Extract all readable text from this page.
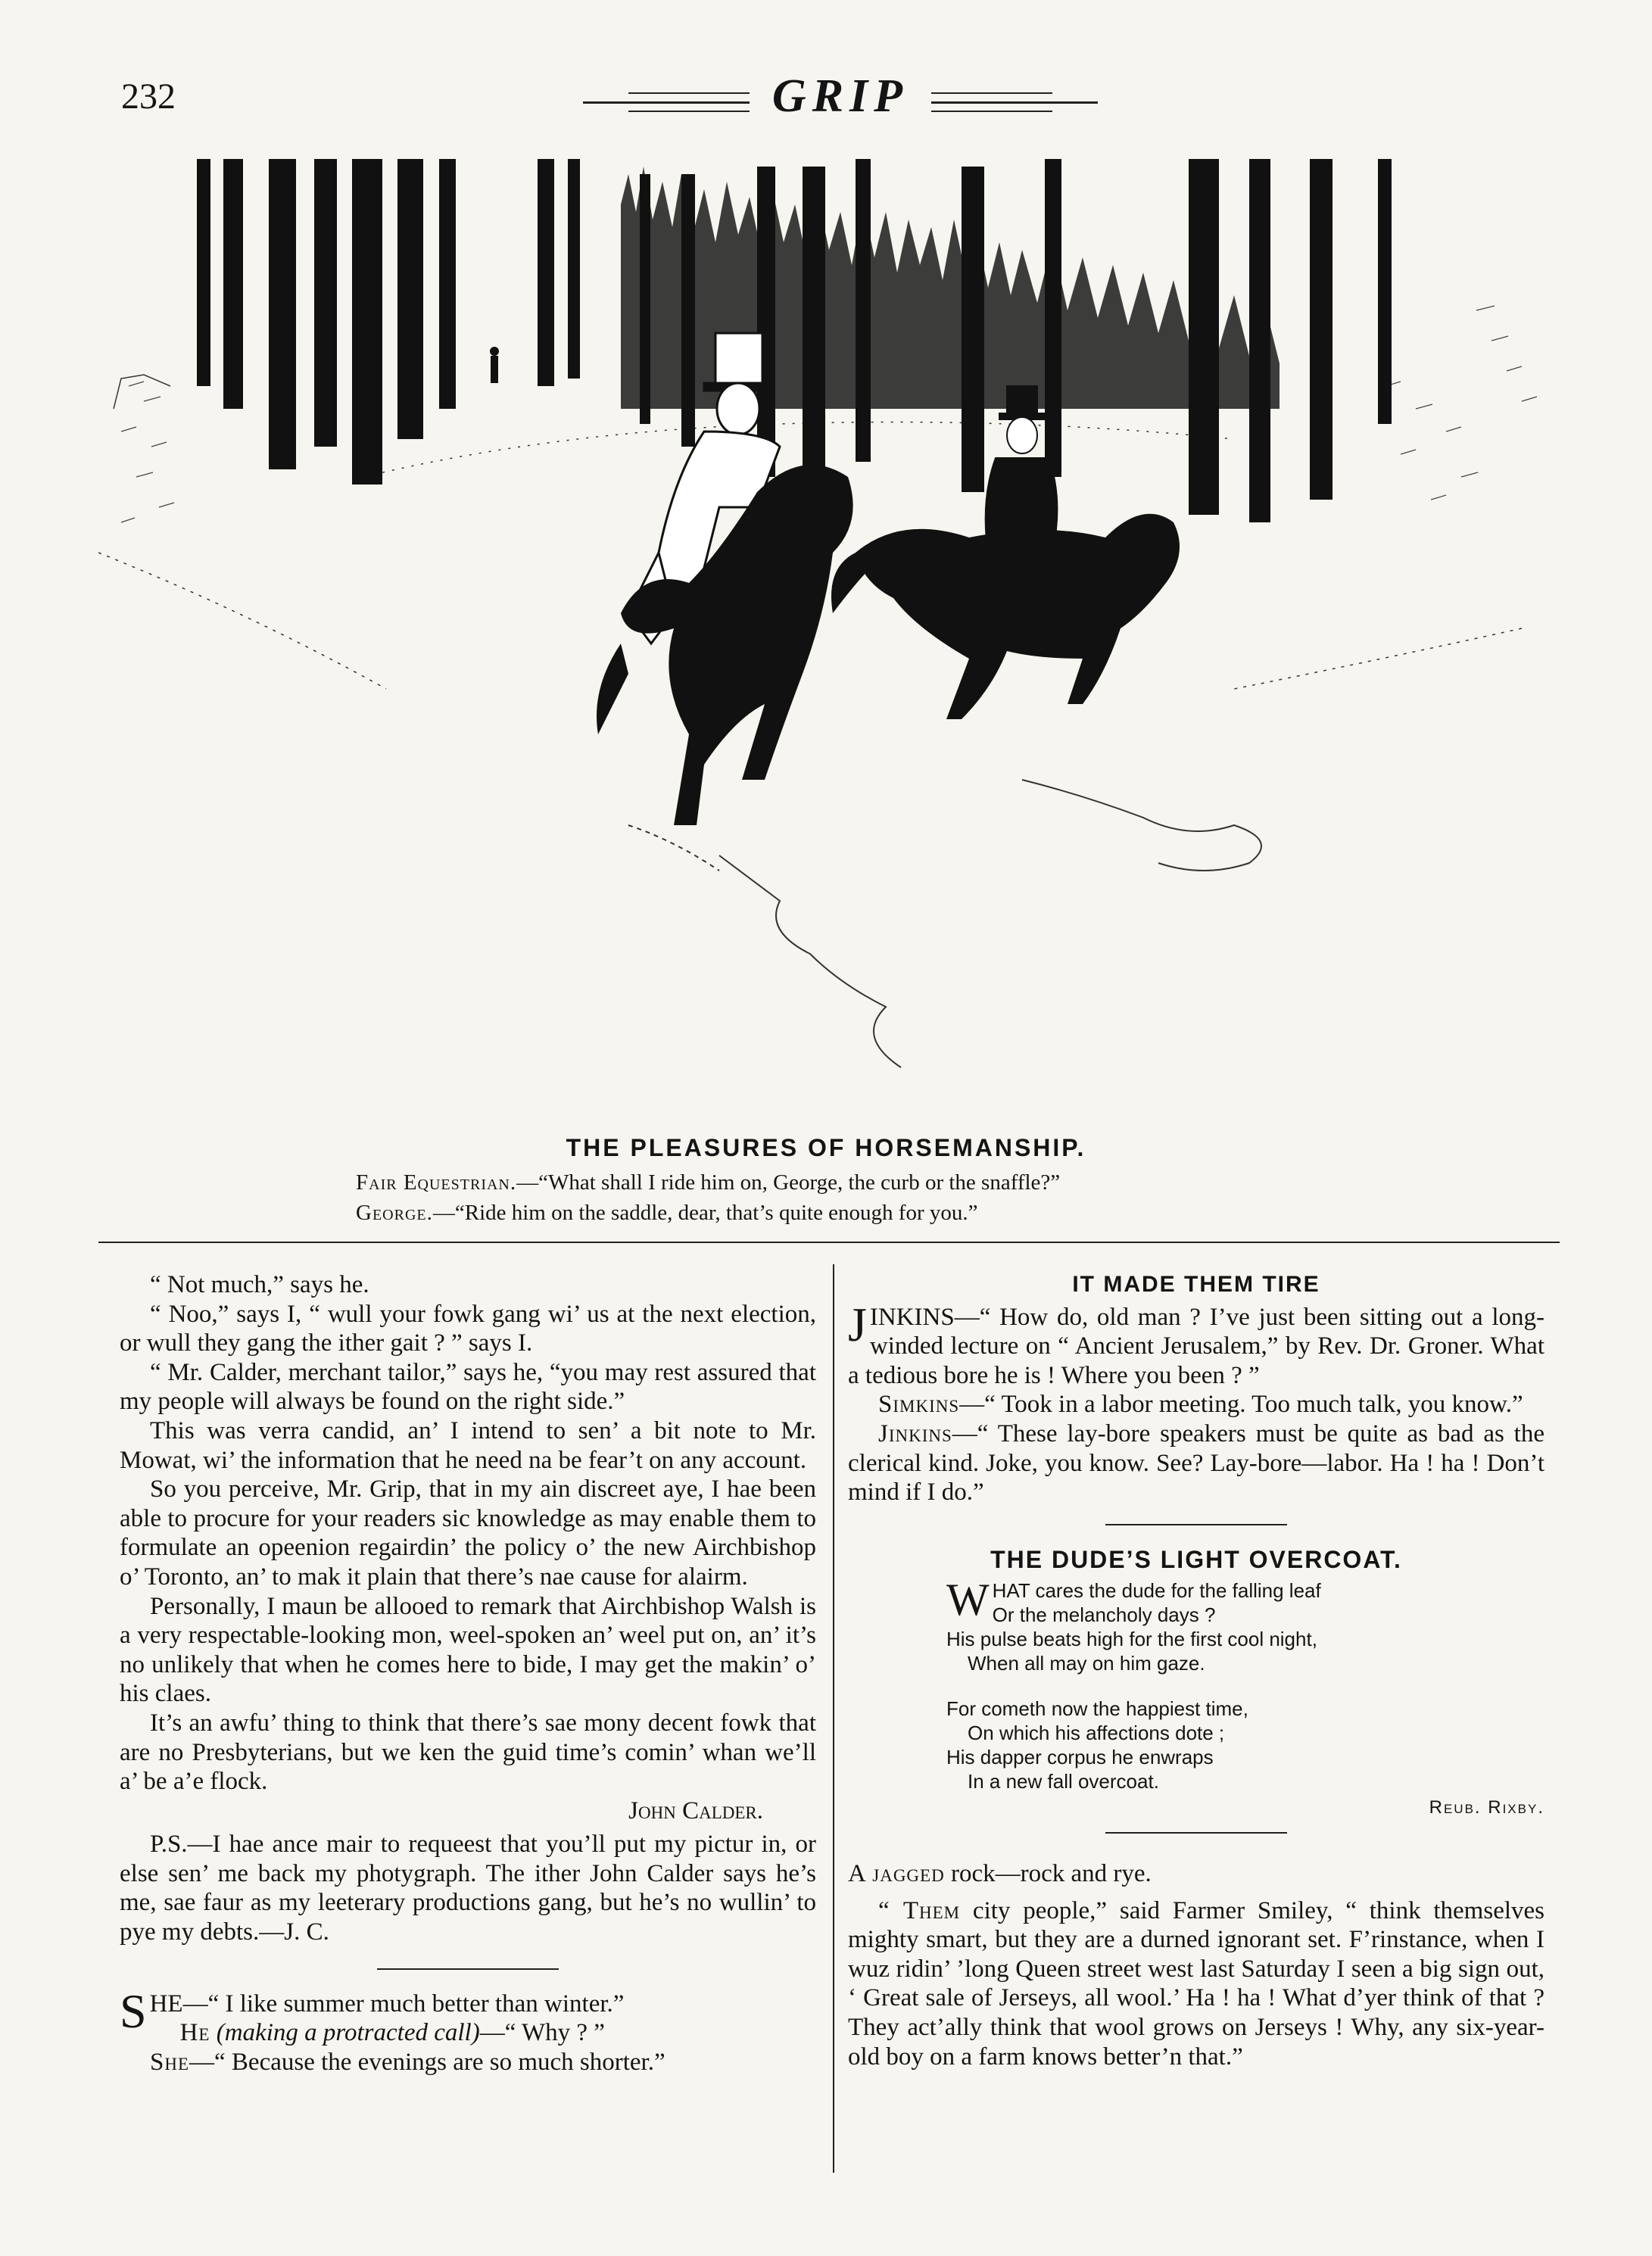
232	GRIP
THE PLEASURES OF HORSEMANSHIP.
Fair Equestrian.—“What shall I ride him on, George, the curb or the snaffle?”
George.—“Ride him on the saddle, dear, that’s quite enough for you.”

“ Not much,” says he.

“ Noo,” says I, “ wull your fowk gang wi’ us at the next election, or wull they gang the ither gait ? ” says I.

“ Mr. Calder, merchant tailor,” says he, “you may rest assured that my people will always be found on the right side.”

This was verra candid, an’ I intend to sen’ a bit note to Mr. Mowat, wi’ the information that he need na be fear’t on any account.

So you perceive, Mr. Grip, that in my ain discreet aye, I hae been able to procure for your readers sic knowledge as may enable them to formulate an opeenion regairdin’ the policy o’ the new Airchbishop o’ Toronto, an’ to mak it plain that there’s nae cause for alairm.

Personally, I maun be allooed to remark that Airchbishop Walsh is a very respectable-looking mon, weel-spoken an’ weel put on, an’ it’s no unlikely that when he comes here to bide, I may get the makin’ o’ his claes.

It’s an awfu’ thing to think that there’s sae mony decent fowk that are no Presbyterians, but we ken the guid time’s comin’ whan we’ll a’ be a’e flock.

John Calder.

P.S.—I hae ance mair to requeest that you’ll put my pictur in, or else sen’ me back my photygraph. The ither John Calder says he’s me, sae faur as my leeterary productions gang, but he’s no wullin’ to pye my debts.—J. C.

SHE—“ I like summer much better than winter.”

He (making a protracted call)—“ Why ? ”

She—“ Because the evenings are so much shorter.”

IT MADE THEM TIRE

JINKINS—“ How do, old man ? I’ve just been sitting out a long-winded lecture on “ Ancient Jerusalem,” by Rev. Dr. Groner. What a tedious bore he is ! Where you been ? ”

Simkins—“ Took in a labor meeting. Too much talk, you know.”

Jinkins—“ These lay-bore speakers must be quite as bad as the clerical kind. Joke, you know. See? Lay-bore—labor. Ha ! ha ! Don’t mind if I do.”

THE DUDE’S LIGHT OVERCOAT.
WHAT cares the dude for the falling leaf
Or the melancholy days ?
His pulse beats high for the first cool night,
When all may on him gaze.
For cometh now the happiest time,
On which his affections dote ;
His dapper corpus he enwraps
In a new fall overcoat.
Reub. Rixby.

A jagged rock—rock and rye.

“ Them city people,” said Farmer Smiley, “ think themselves mighty smart, but they are a durned ignorant set. F’rinstance, when I wuz ridin’ ’long Queen street west last Saturday I seen a big sign out, ‘ Great sale of Jerseys, all wool.’ Ha ! ha ! What d’yer think of that ? They act’ally think that wool grows on Jerseys ! Why, any six-year-old boy on a farm knows better’n that.”
